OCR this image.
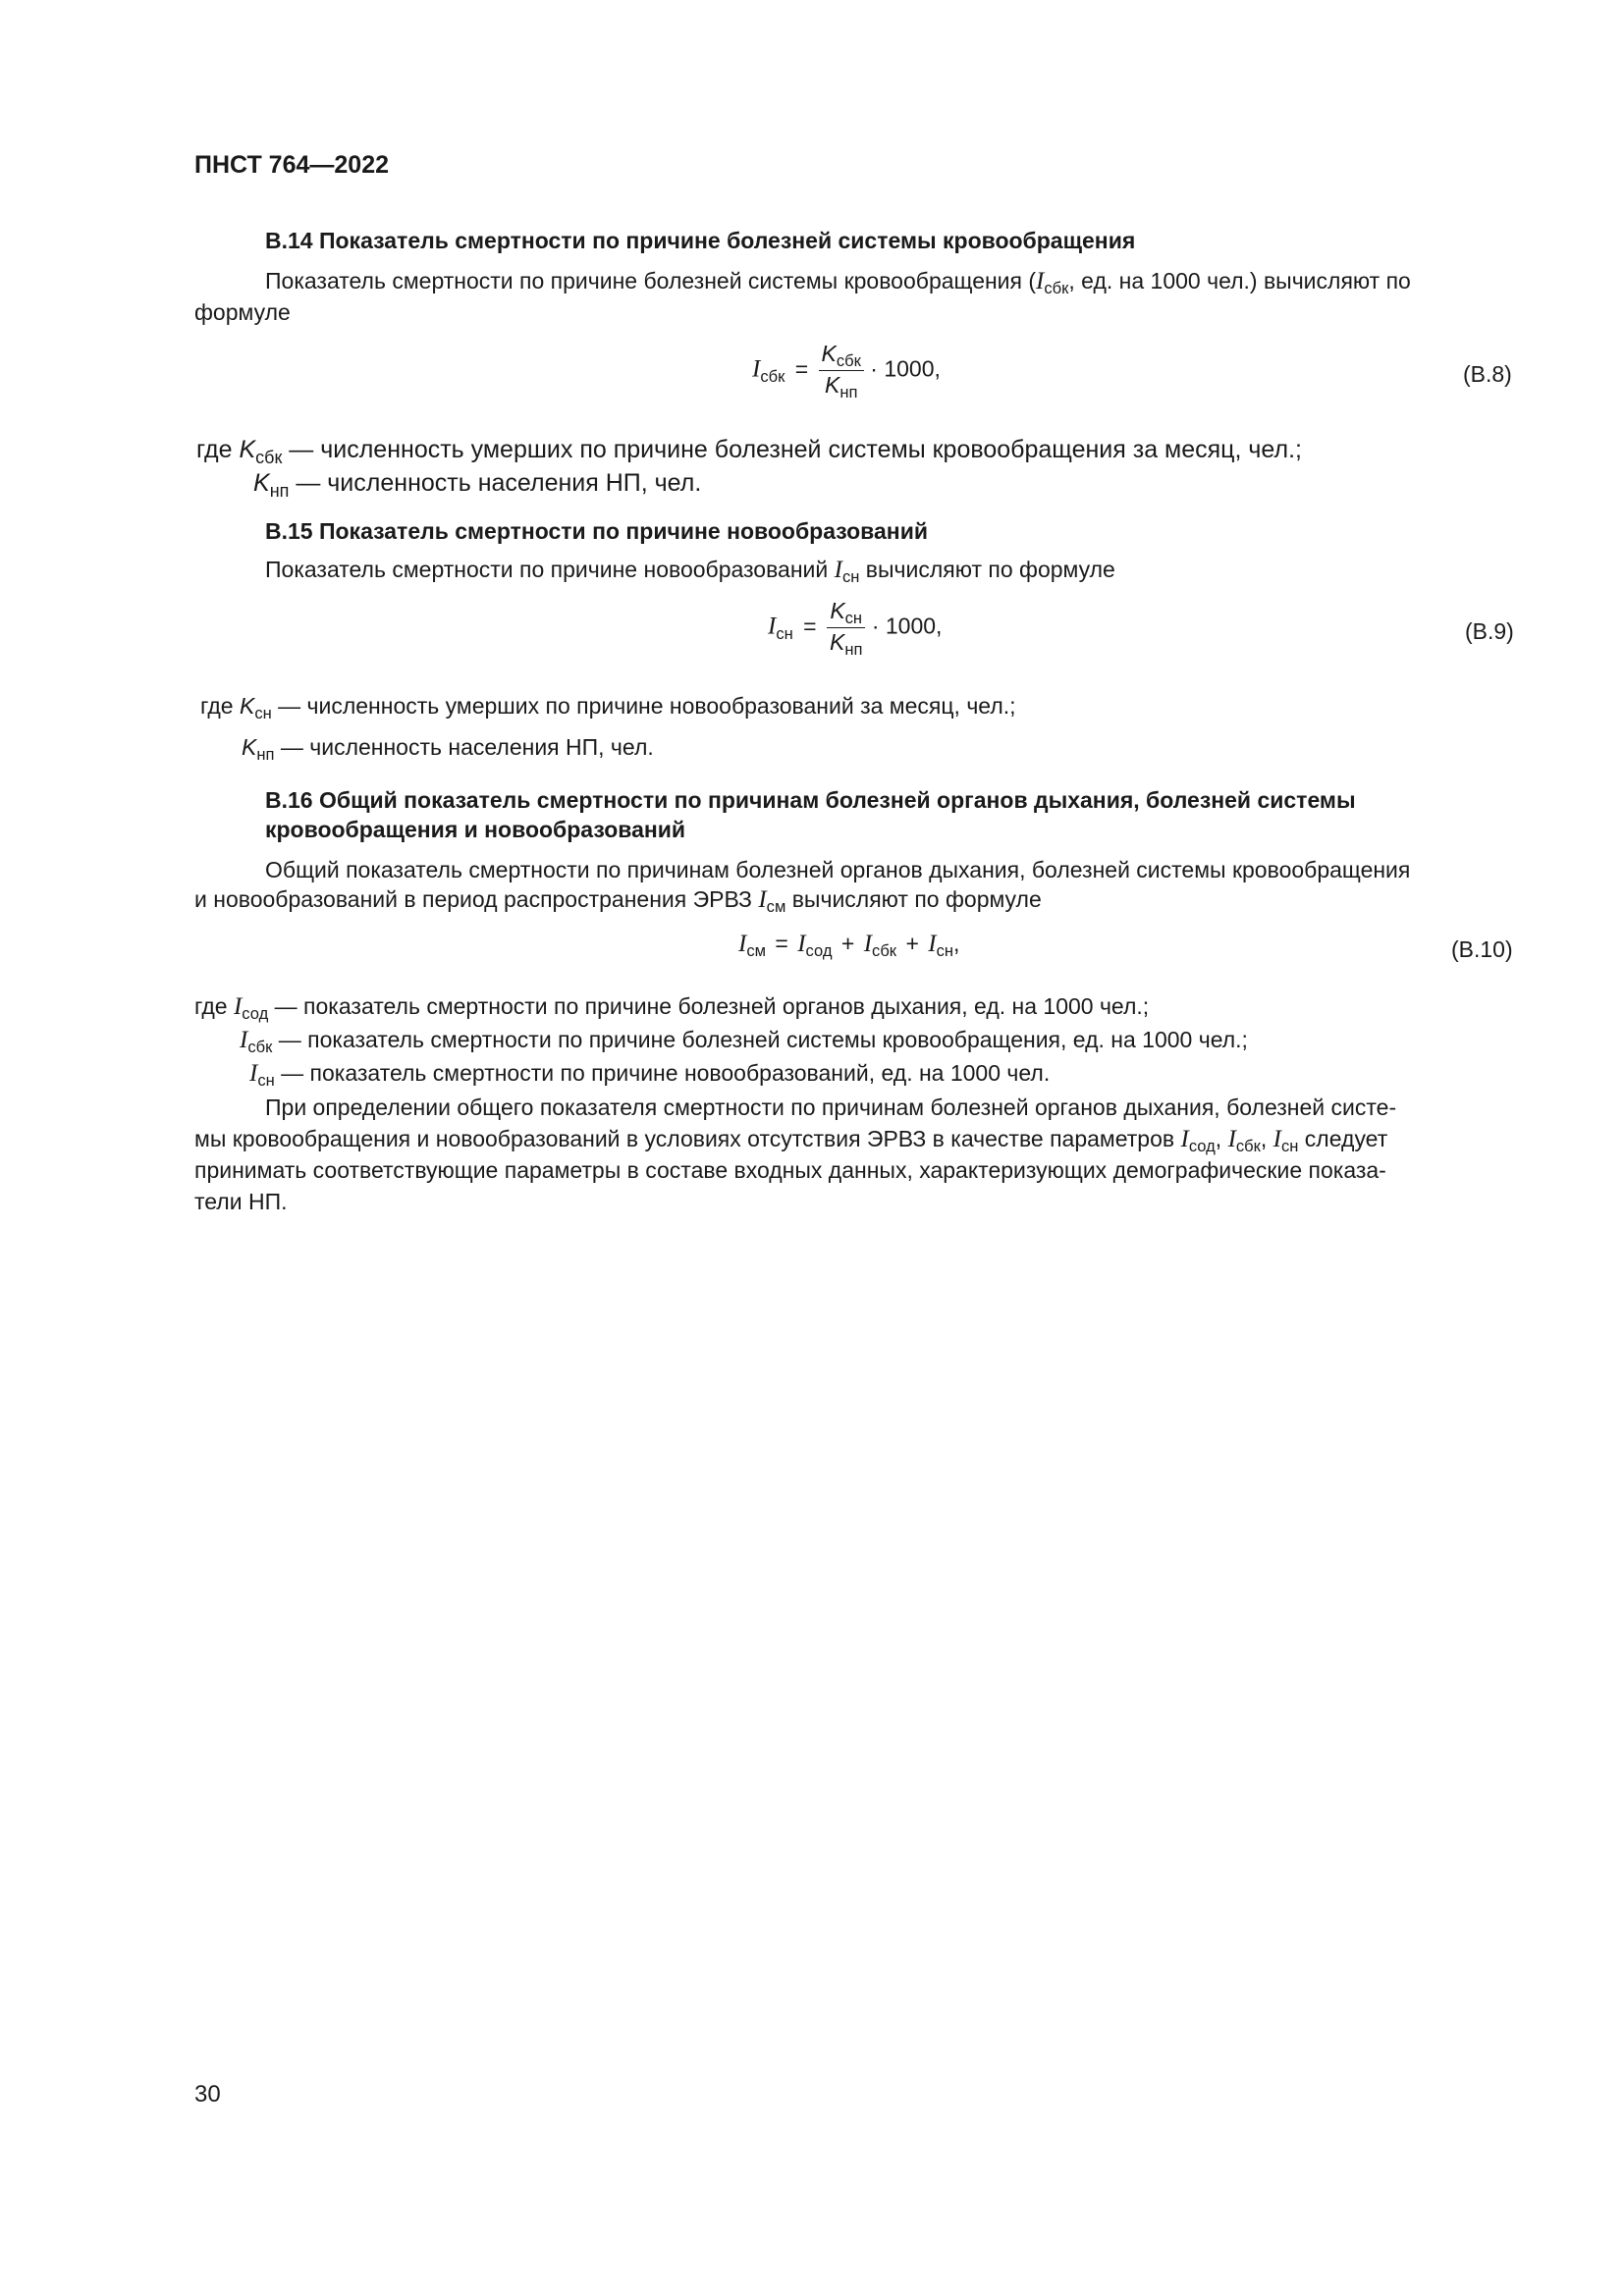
ПНСТ 764—2022
В.14 Показатель смертности по причине болезней системы кровообращения
Показатель смертности по причине болезней системы кровообращения ($I_{сбк}$, ед. на 1000 чел.) вычисляют по
формуле
$I_{сбк} = \frac{K_{сбк}}{K_{нп}} \cdot 1000$,	(B.8)
где $K_{сбк}$ — численность умерших по причине болезней системы кровообращения за месяц, чел.;
$K_{нп}$ — численность населения НП, чел.
В.15 Показатель смертности по причине новообразований
Показатель смертности по причине новообразований $I_{сн}$ вычисляют по формуле
$I_{сн} = \frac{K_{сн}}{K_{нп}} \cdot 1000$,	(B.9)
где $K_{сн}$ — численность умерших по причине новообразований за месяц, чел.;
$K_{нп}$ — численность населения НП, чел.
В.16 Общий показатель смертности по причинам болезней органов дыхания, болезней системы
кровообращения и новообразований
Общий показатель смертности по причинам болезней органов дыхания, болезней системы кровообращения
и новообразований в период распространения ЭРВЗ $I_{см}$ вычисляют по формуле
$I_{см} = I_{сод} + I_{сбк} + I_{сн}$,	(B.10)
где $I_{сод}$ — показатель смертности по причине болезней органов дыхания, ед. на 1000 чел.;
$I_{сбк}$ — показатель смертности по причине болезней системы кровообращения, ед. на 1000 чел.;
$I_{сн}$ — показатель смертности по причине новообразований, ед. на 1000 чел.
При определении общего показателя смертности по причинам болезней органов дыхания, болезней систе-
мы кровообращения и новообразований в условиях отсутствия ЭРВЗ в качестве параметров $I_{сод}$, $I_{сбк}$, $I_{сн}$ следует
принимать соответствующие параметры в составе входных данных, характеризующих демографические показа-
тели НП.
30
